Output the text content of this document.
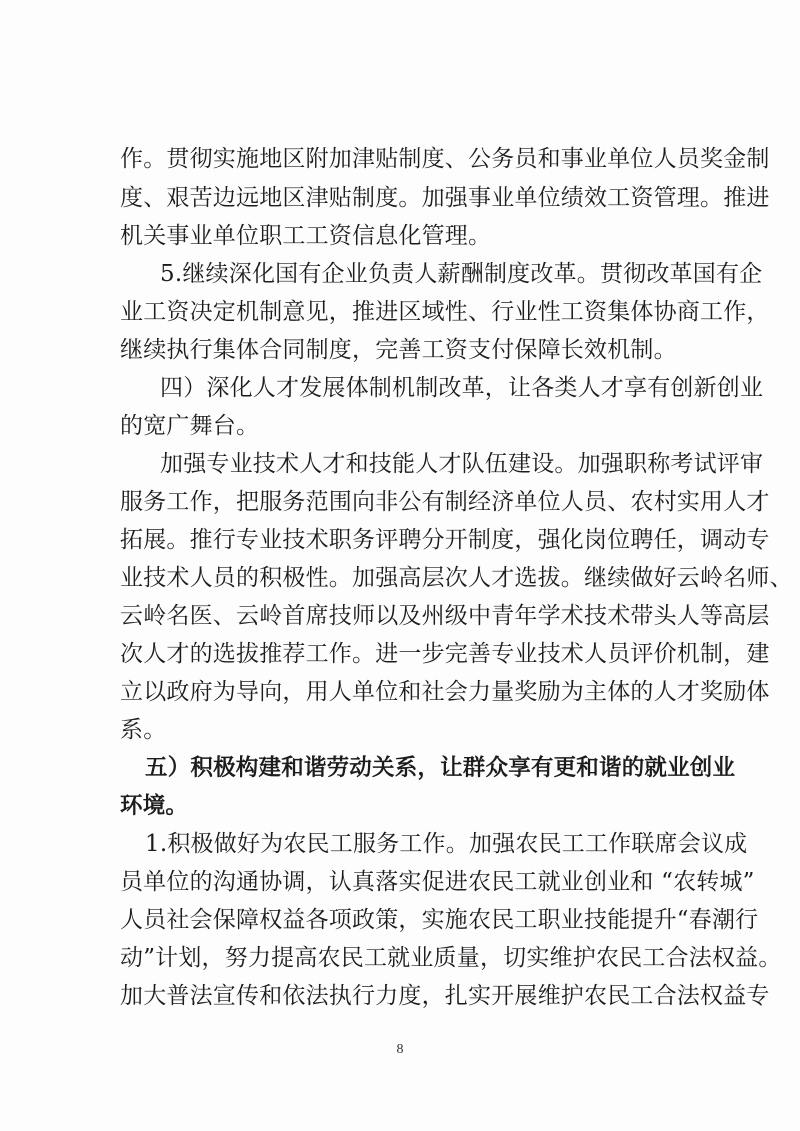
作。贯彻实施地区附加津贴制度、公务员和事业单位人员奖金制
度、艰苦边远地区津贴制度。加强事业单位绩效工资管理。推进
机关事业单位职工工资信息化管理。
5.继续深化国有企业负责人薪酬制度改革。贯彻改革国有企
业工资决定机制意见，推进区域性、行业性工资集体协商工作，
继续执行集体合同制度，完善工资支付保障长效机制。
四）深化人才发展体制机制改革，让各类人才享有创新创业
的宽广舞台。
加强专业技术人才和技能人才队伍建设。加强职称考试评审
服务工作，把服务范围向非公有制经济单位人员、农村实用人才
拓展。推行专业技术职务评聘分开制度，强化岗位聘任，调动专
业技术人员的积极性。加强高层次人才选拔。继续做好云岭名师、
云岭名医、云岭首席技师以及州级中青年学术技术带头人等高层
次人才的选拔推荐工作。进一步完善专业技术人员评价机制，建
立以政府为导向，用人单位和社会力量奖励为主体的人才奖励体
系。
五）积极构建和谐劳动关系，让群众享有更和谐的就业创业
环境。
1.积极做好为农民工服务工作。加强农民工工作联席会议成
员单位的沟通协调，认真落实促进农民工就业创业和 “农转城”
人员社会保障权益各项政策，实施农民工职业技能提升“春潮行
动”计划，努力提高农民工就业质量，切实维护农民工合法权益。
加大普法宣传和依法执行力度，扎实开展维护农民工合法权益专
8
